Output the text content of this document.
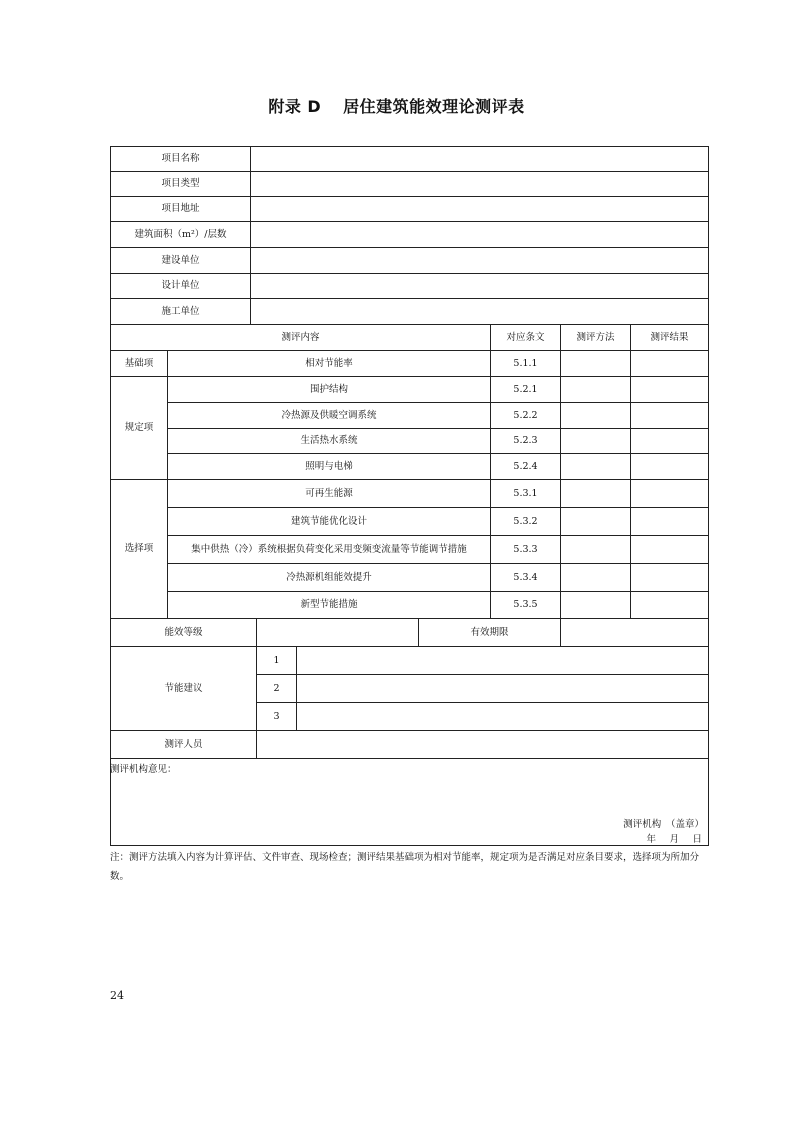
附录 D 居住建筑能效理论测评表
项目名称
项目类型
项目地址
建筑面积（m²）/层数
建设单位
设计单位
施工单位
测评内容	对应条文	测评方法	测评结果
基础项	相对节能率	5.1.1
规定项
围护结构	5.2.1
冷热源及供暖空调系统	5.2.2
生活热水系统	5.2.3
照明与电梯	5.2.4
选择项
可再生能源	5.3.1
建筑节能优化设计	5.3.2
集中供热（冷）系统根据负荷变化采用变频变流量等节能调节措施	5.3.3
冷热源机组能效提升	5.3.4
新型节能措施	5.3.5
能效等级	有效期限
节能建议
1
2
3
测评人员
测评机构意见：
测评机构　（盖章）
年　月　日
注：测评方法填入内容为计算评估、文件审查、现场检查；测评结果基础项为相对节能率，规定项为是否满足对应条目要求，选择项为所加分数。
24
